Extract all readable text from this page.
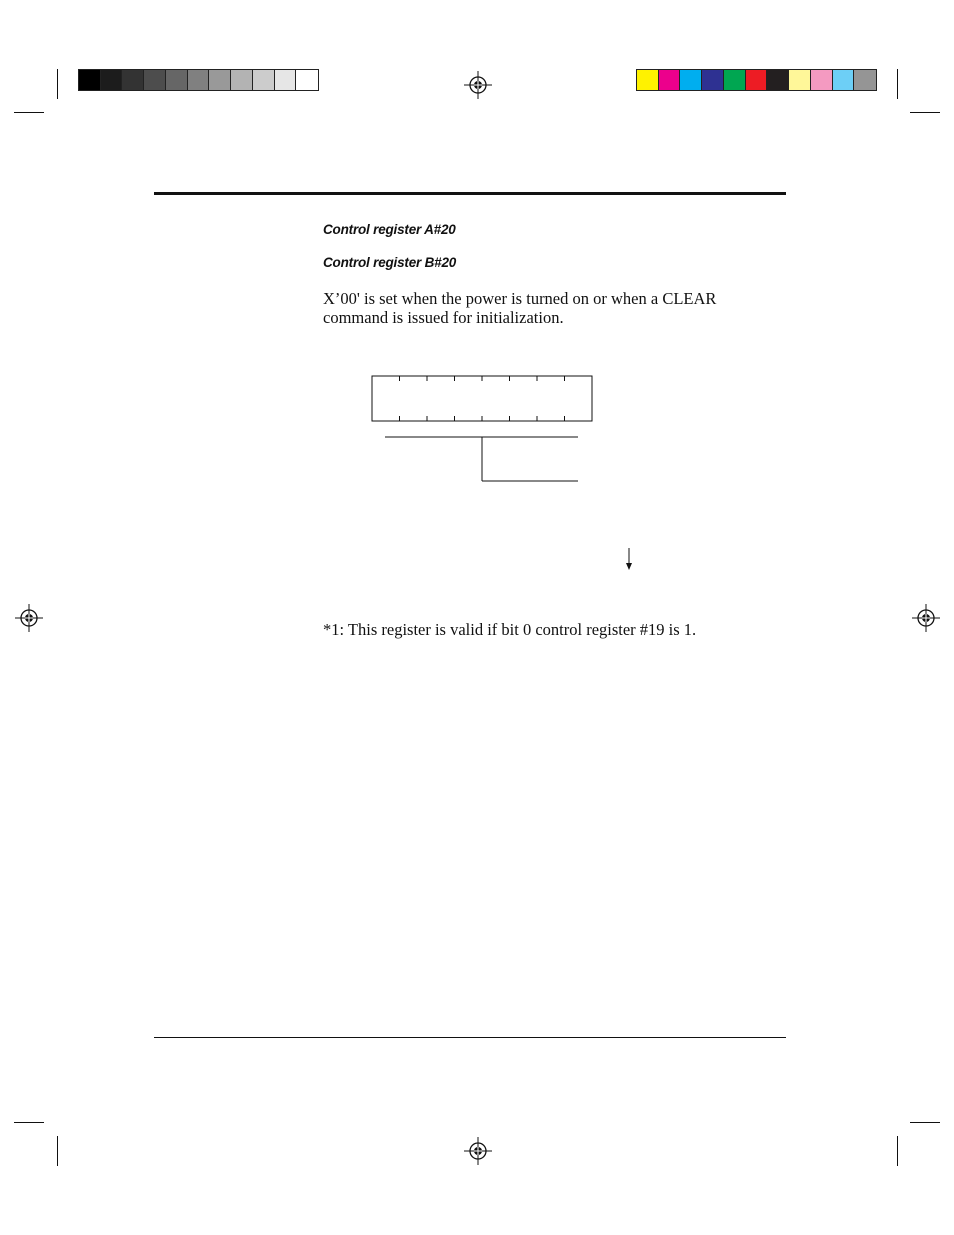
Control register A#20
Control register B#20
X’00' is set when the power is turned on or when a CLEAR
command is issued for initialization.
*1: This register is valid if bit 0 control register #19 is 1.
